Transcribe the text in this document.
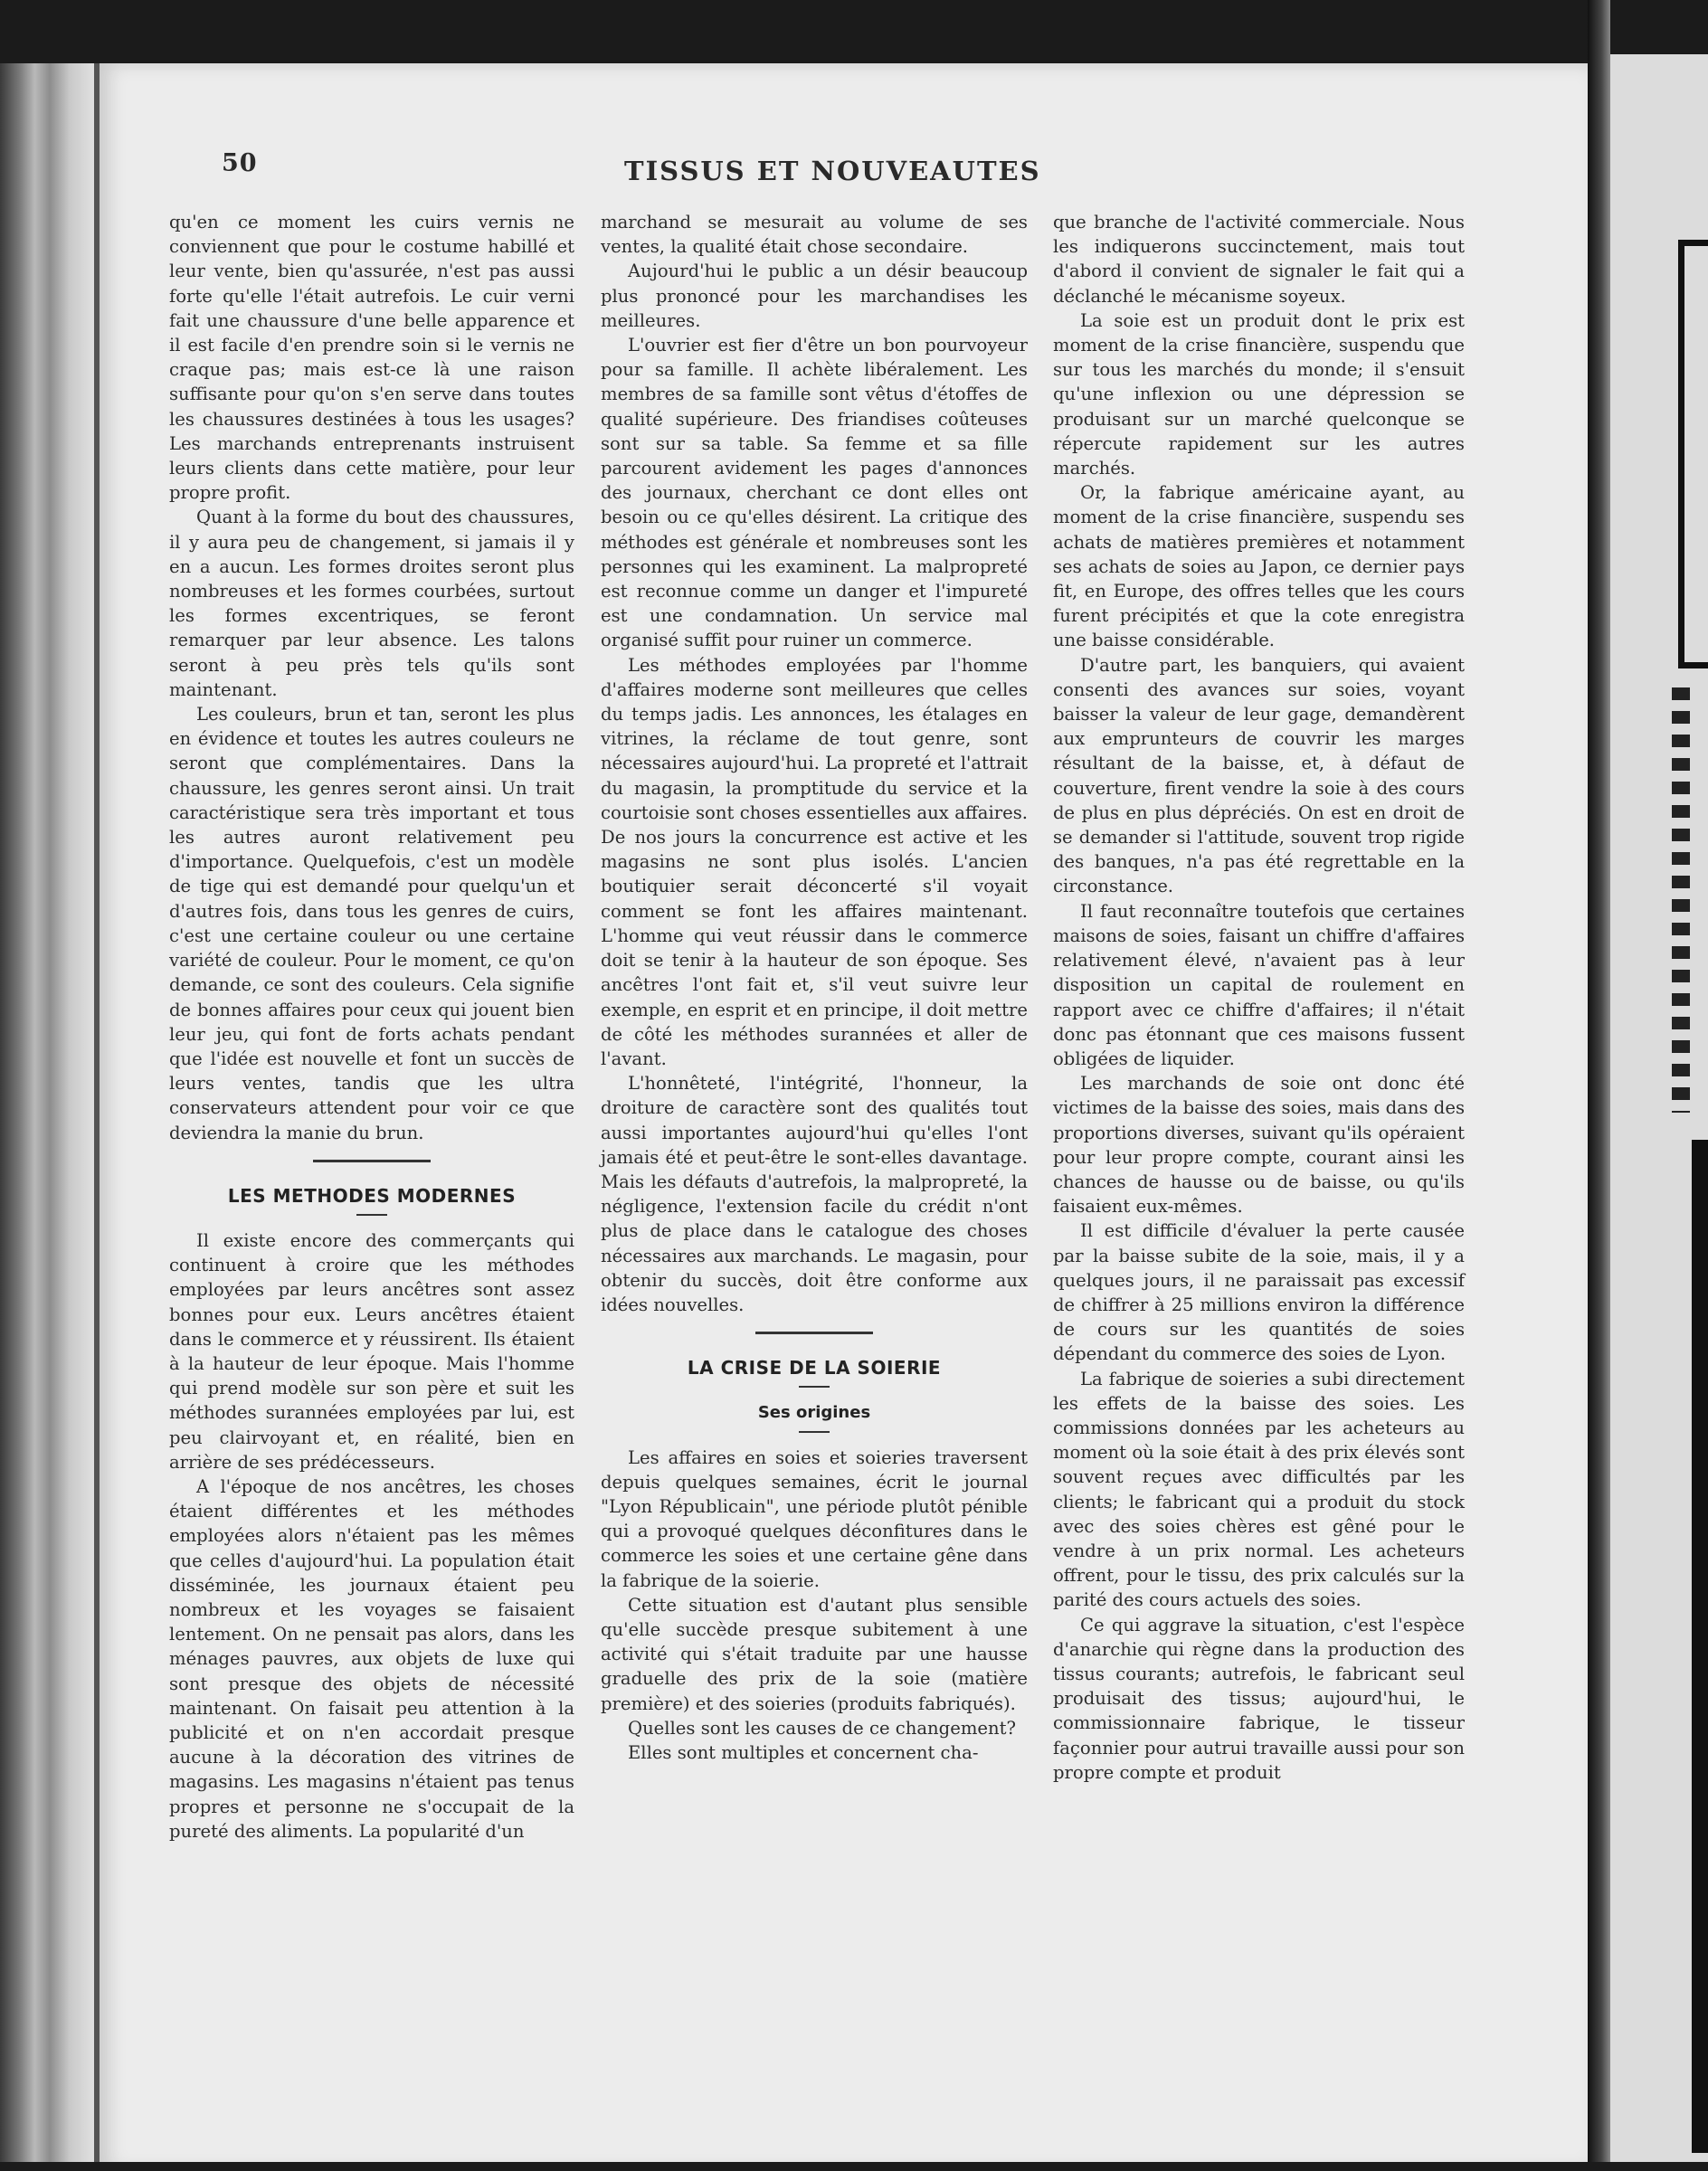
50	TISSUS ET NOUVEAUTES

qu'en ce moment les cuirs vernis ne conviennent que pour le costume habillé et leur vente, bien qu'assurée, n'est pas aussi forte qu'elle l'était autrefois. Le cuir verni fait une chaussure d'une belle apparence et il est facile d'en prendre soin si le vernis ne craque pas; mais est-ce là une raison suffisante pour qu'on s'en serve dans toutes les chaussures destinées à tous les usages? Les marchands entreprenants instruisent leurs clients dans cette matière, pour leur propre profit.

Quant à la forme du bout des chaussures, il y aura peu de changement, si jamais il y en a aucun. Les formes droites seront plus nombreuses et les formes courbées, surtout les formes excentriques, se feront remarquer par leur absence. Les talons seront à peu près tels qu'ils sont maintenant.

Les couleurs, brun et tan, seront les plus en évidence et toutes les autres couleurs ne seront que complémentaires. Dans la chaussure, les genres seront ainsi. Un trait caractéristique sera très important et tous les autres auront relativement peu d'importance. Quelquefois, c'est un modèle de tige qui est demandé pour quelqu'un et d'autres fois, dans tous les genres de cuirs, c'est une certaine couleur ou une certaine variété de couleur. Pour le moment, ce qu'on demande, ce sont des couleurs. Cela signifie de bonnes affaires pour ceux qui jouent bien leur jeu, qui font de forts achats pendant que l'idée est nouvelle et font un succès de leurs ventes, tandis que les ultra conservateurs attendent pour voir ce que deviendra la manie du brun.

LES METHODES MODERNES

Il existe encore des commerçants qui continuent à croire que les méthodes employées par leurs ancêtres sont assez bonnes pour eux. Leurs ancêtres étaient dans le commerce et y réussirent. Ils étaient à la hauteur de leur époque. Mais l'homme qui prend modèle sur son père et suit les méthodes surannées employées par lui, est peu clairvoyant et, en réalité, bien en arrière de ses prédécesseurs.

A l'époque de nos ancêtres, les choses étaient différentes et les méthodes employées alors n'étaient pas les mêmes que celles d'aujourd'hui. La population était disséminée, les journaux étaient peu nombreux et les voyages se faisaient lentement. On ne pensait pas alors, dans les ménages pauvres, aux objets de luxe qui sont presque des objets de nécessité maintenant. On faisait peu attention à la publicité et on n'en accordait presque aucune à la décoration des vitrines de magasins. Les magasins n'étaient pas tenus propres et personne ne s'occupait de la pureté des aliments. La popularité d'un

marchand se mesurait au volume de ses ventes, la qualité était chose secondaire.

Aujourd'hui le public a un désir beaucoup plus prononcé pour les marchandises les meilleures.

L'ouvrier est fier d'être un bon pourvoyeur pour sa famille. Il achète libéralement. Les membres de sa famille sont vêtus d'étoffes de qualité supérieure. Des friandises coûteuses sont sur sa table. Sa femme et sa fille parcourent avidement les pages d'annonces des journaux, cherchant ce dont elles ont besoin ou ce qu'elles désirent. La critique des méthodes est générale et nombreuses sont les personnes qui les examinent. La malpropreté est reconnue comme un danger et l'impureté est une condamnation. Un service mal organisé suffit pour ruiner un commerce.

Les méthodes employées par l'homme d'affaires moderne sont meilleures que celles du temps jadis. Les annonces, les étalages en vitrines, la réclame de tout genre, sont nécessaires aujourd'hui. La propreté et l'attrait du magasin, la promptitude du service et la courtoisie sont choses essentielles aux affaires. De nos jours la concurrence est active et les magasins ne sont plus isolés. L'ancien boutiquier serait déconcerté s'il voyait comment se font les affaires maintenant. L'homme qui veut réussir dans le commerce doit se tenir à la hauteur de son époque. Ses ancêtres l'ont fait et, s'il veut suivre leur exemple, en esprit et en principe, il doit mettre de côté les méthodes surannées et aller de l'avant.

L'honnêteté, l'intégrité, l'honneur, la droiture de caractère sont des qualités tout aussi importantes aujourd'hui qu'elles l'ont jamais été et peut-être le sont-elles davantage. Mais les défauts d'autrefois, la malpropreté, la négligence, l'extension facile du crédit n'ont plus de place dans le catalogue des choses nécessaires aux marchands. Le magasin, pour obtenir du succès, doit être conforme aux idées nouvelles.

LA CRISE DE LA SOIERIE
Ses origines

Les affaires en soies et soieries traversent depuis quelques semaines, écrit le journal "Lyon Républicain", une période plutôt pénible qui a provoqué quelques déconfitures dans le commerce les soies et une certaine gêne dans la fabrique de la soierie.

Cette situation est d'autant plus sensible qu'elle succède presque subitement à une activité qui s'était traduite par une hausse graduelle des prix de la soie (matière première) et des soieries (produits fabriqués).

Quelles sont les causes de ce changement?

Elles sont multiples et concernent cha-

que branche de l'activité commerciale. Nous les indiquerons succinctement, mais tout d'abord il convient de signaler le fait qui a déclanché le mécanisme soyeux.

La soie est un produit dont le prix est moment de la crise financière, suspendu que sur tous les marchés du monde; il s'ensuit qu'une inflexion ou une dépression se produisant sur un marché quelconque se répercute rapidement sur les autres marchés.

Or, la fabrique américaine ayant, au moment de la crise financière, suspendu ses achats de matières premières et notamment ses achats de soies au Japon, ce dernier pays fit, en Europe, des offres telles que les cours furent précipités et que la cote enregistra une baisse considérable.

D'autre part, les banquiers, qui avaient consenti des avances sur soies, voyant baisser la valeur de leur gage, demandèrent aux emprunteurs de couvrir les marges résultant de la baisse, et, à défaut de couverture, firent vendre la soie à des cours de plus en plus dépréciés. On est en droit de se demander si l'attitude, souvent trop rigide des banques, n'a pas été regrettable en la circonstance.

Il faut reconnaître toutefois que certaines maisons de soies, faisant un chiffre d'affaires relativement élevé, n'avaient pas à leur disposition un capital de roulement en rapport avec ce chiffre d'affaires; il n'était donc pas étonnant que ces maisons fussent obligées de liquider.

Les marchands de soie ont donc été victimes de la baisse des soies, mais dans des proportions diverses, suivant qu'ils opéraient pour leur propre compte, courant ainsi les chances de hausse ou de baisse, ou qu'ils faisaient eux-mêmes.

Il est difficile d'évaluer la perte causée par la baisse subite de la soie, mais, il y a quelques jours, il ne paraissait pas excessif de chiffrer à 25 millions environ la différence de cours sur les quantités de soies dépendant du commerce des soies de Lyon.

La fabrique de soieries a subi directement les effets de la baisse des soies. Les commissions données par les acheteurs au moment où la soie était à des prix élevés sont souvent reçues avec difficultés par les clients; le fabricant qui a produit du stock avec des soies chères est gêné pour le vendre à un prix normal. Les acheteurs offrent, pour le tissu, des prix calculés sur la parité des cours actuels des soies.

Ce qui aggrave la situation, c'est l'espèce d'anarchie qui règne dans la production des tissus courants; autrefois, le fabricant seul produisait des tissus; aujourd'hui, le commissionnaire fabrique, le tisseur façonnier pour autrui travaille aussi pour son propre compte et produit
